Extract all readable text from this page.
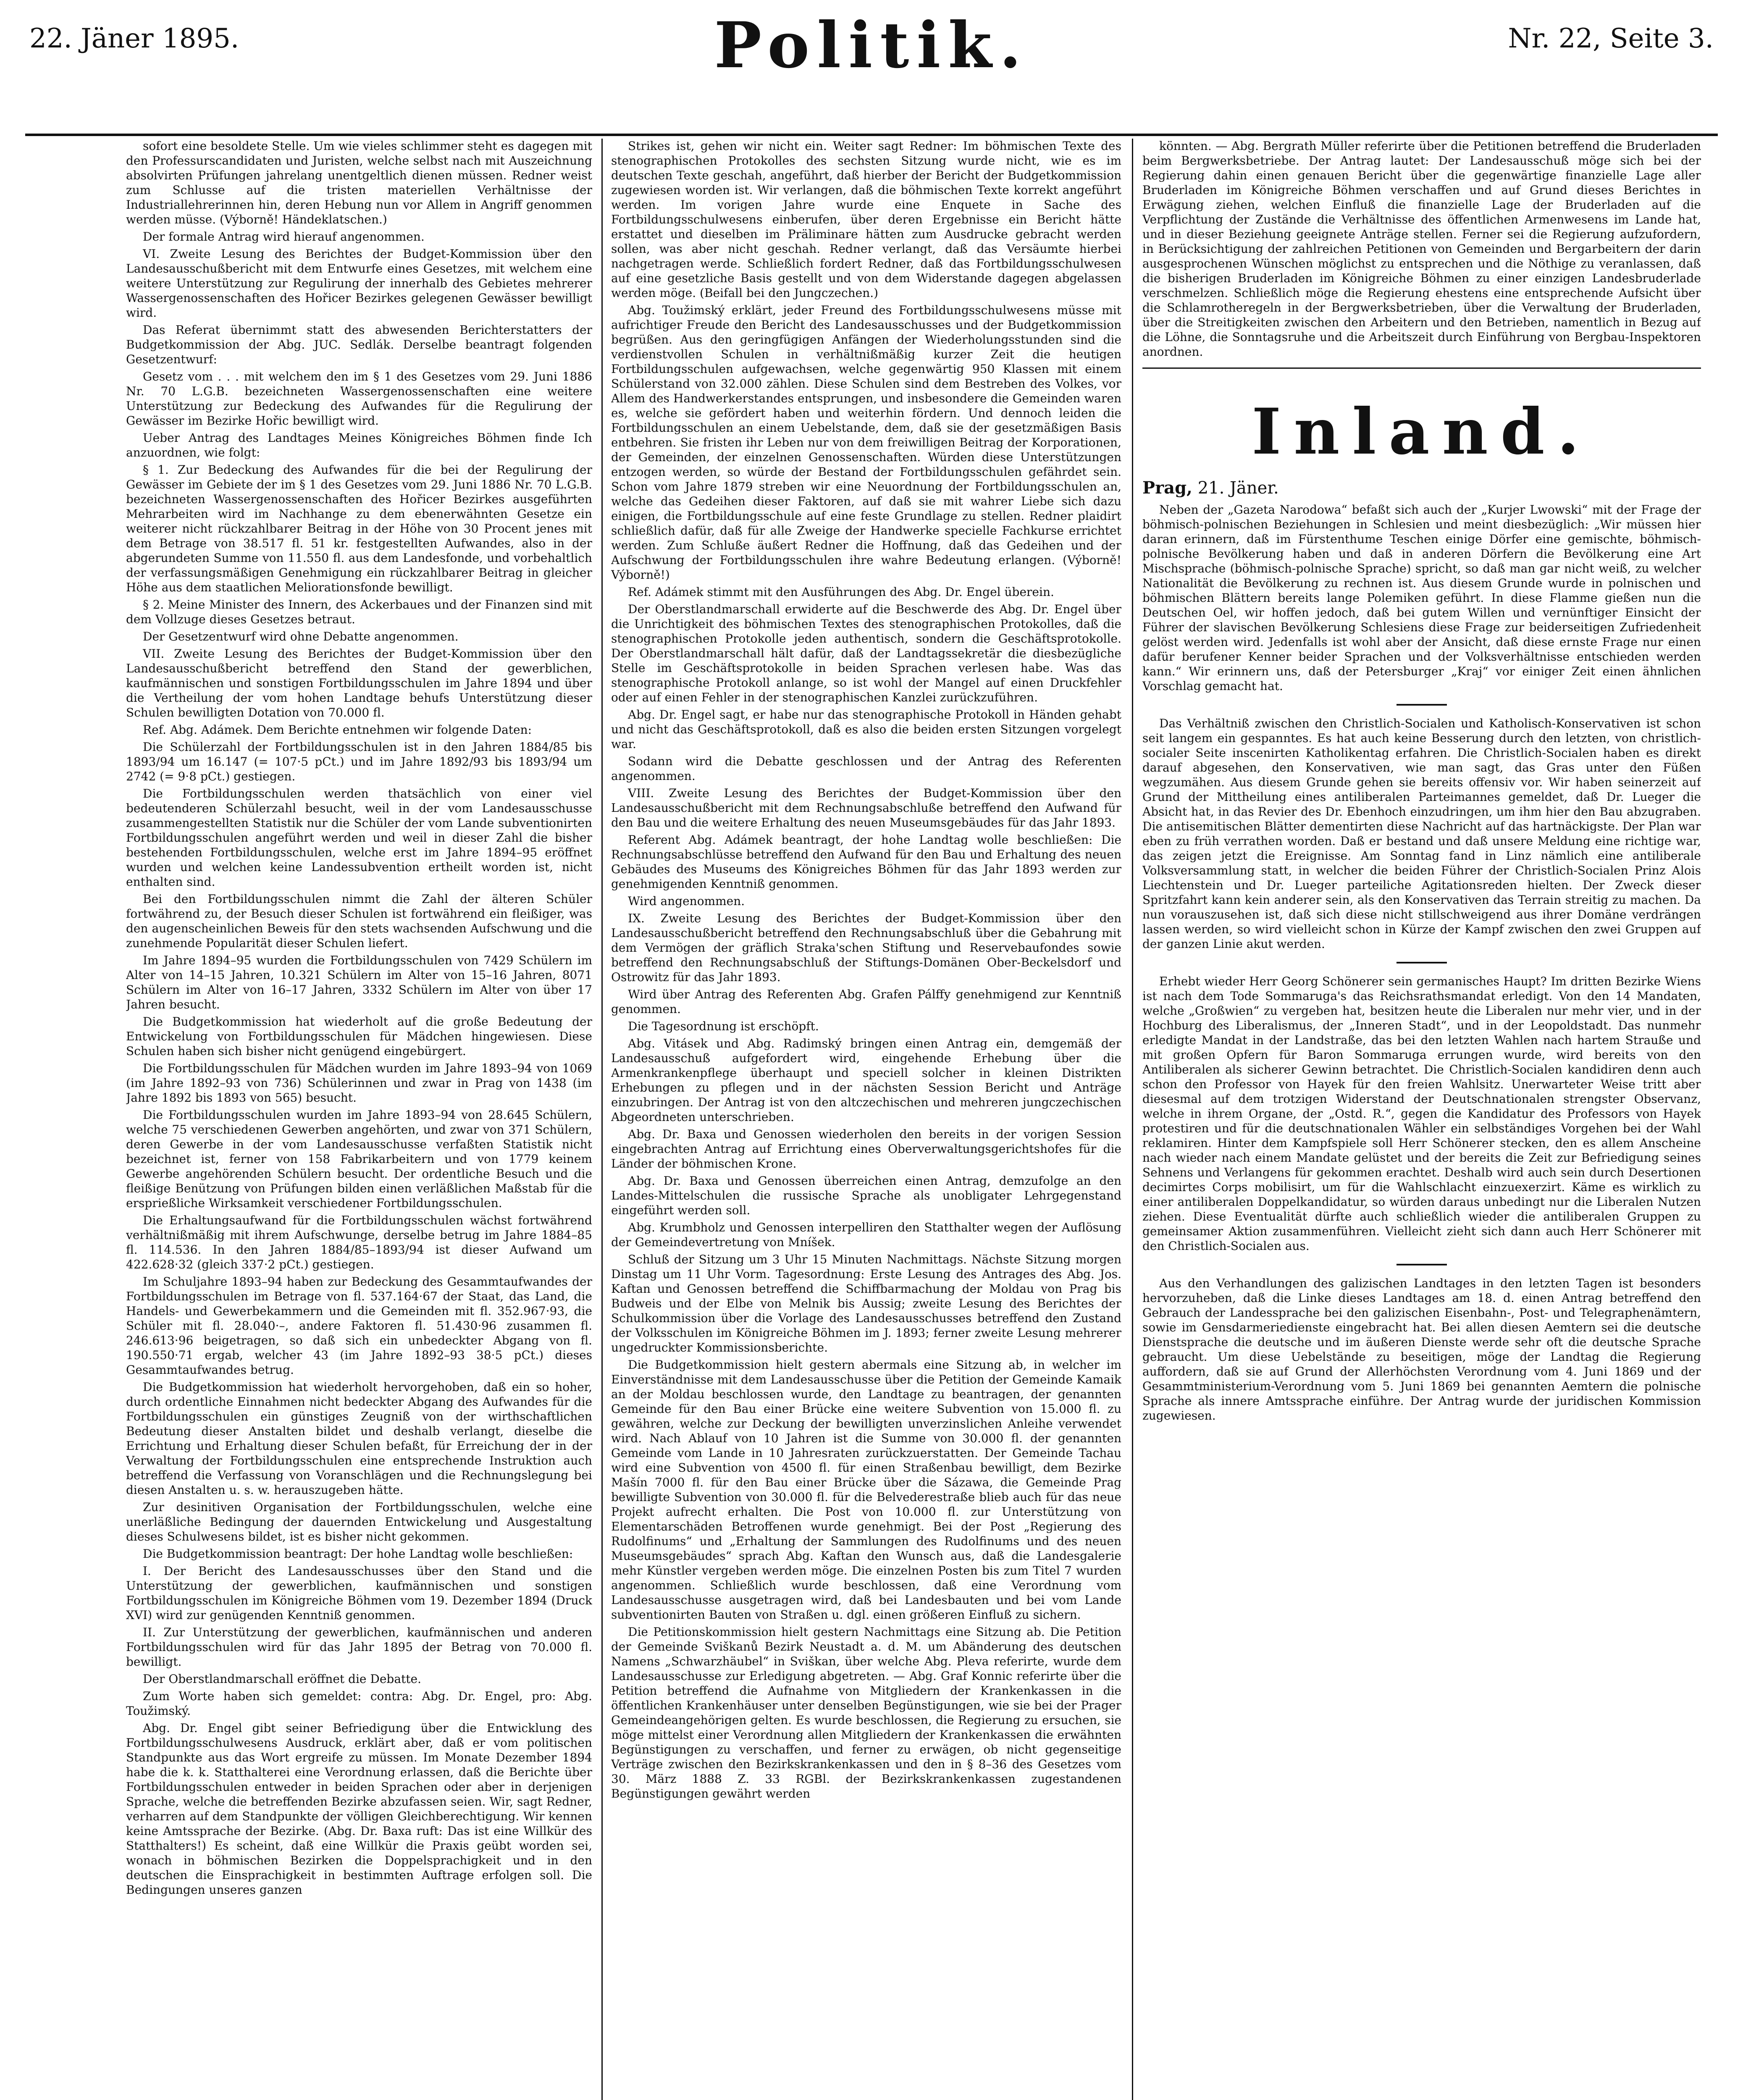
22. Jäner 1895.	Politik.	Nr. 22, Seite 3.

sofort eine besoldete Stelle. Um wie vieles schlimmer steht es dagegen mit den Professurscandidaten und Juristen, welche selbst nach mit Auszeichnung absolvirten Prüfungen jahrelang unentgeltlich dienen müssen. Redner weist zum Schlusse auf die tristen materiellen Verhältnisse der Industriallehrerinnen hin, deren Hebung nun vor Allem in Angriff genommen werden müsse. (Výborně! Händeklatschen.)

Der formale Antrag wird hierauf angenommen.

VI. Zweite Lesung des Berichtes der Budget-Kommission über den Landesausschußbericht mit dem Entwurfe eines Gesetzes, mit welchem eine weitere Unterstützung zur Regulirung der innerhalb des Gebietes mehrerer Wassergenossenschaften des Hořicer Bezirkes gelegenen Gewässer bewilligt wird.

Das Referat übernimmt statt des abwesenden Berichterstatters der Budgetkommission der Abg. JUC. Sedlák. Derselbe beantragt folgenden Gesetzentwurf:

Gesetz vom . . . mit welchem den im § 1 des Gesetzes vom 29. Juni 1886 Nr. 70 L.G.B. bezeichneten Wassergenossenschaften eine weitere Unterstützung zur Bedeckung des Aufwandes für die Regulirung der Gewässer im Bezirke Hořic bewilligt wird.

Ueber Antrag des Landtages Meines Königreiches Böhmen finde Ich anzuordnen, wie folgt:

§ 1. Zur Bedeckung des Aufwandes für die bei der Regulirung der Gewässer im Gebiete der im § 1 des Gesetzes vom 29. Juni 1886 Nr. 70 L.G.B. bezeichneten Wassergenossenschaften des Hořicer Bezirkes ausgeführten Mehrarbeiten wird im Nachhange zu dem ebenerwähnten Gesetze ein weiterer nicht rückzahlbarer Beitrag in der Höhe von 30 Procent jenes mit dem Betrage von 38.517 fl. 51 kr. festgestellten Aufwandes, also in der abgerundeten Summe von 11.550 fl. aus dem Landesfonde, und vorbehaltlich der verfassungsmäßigen Genehmigung ein rückzahlbarer Beitrag in gleicher Höhe aus dem staatlichen Meliorationsfonde bewilligt.

§ 2. Meine Minister des Innern, des Ackerbaues und der Finanzen sind mit dem Vollzuge dieses Gesetzes betraut.

Der Gesetzentwurf wird ohne Debatte angenommen.

VII. Zweite Lesung des Berichtes der Budget-Kommission über den Landesausschußbericht betreffend den Stand der gewerblichen, kaufmännischen und sonstigen Fortbildungsschulen im Jahre 1894 und über die Vertheilung der vom hohen Landtage behufs Unterstützung dieser Schulen bewilligten Dotation von 70.000 fl.

Ref. Abg. Adámek. Dem Berichte entnehmen wir folgende Daten:

Die Schülerzahl der Fortbildungsschulen ist in den Jahren 1884/85 bis 1893/94 um 16.147 (= 107·5 pCt.) und im Jahre 1892/93 bis 1893/94 um 2742 (= 9·8 pCt.) gestiegen.

Die Fortbildungsschulen werden thatsächlich von einer viel bedeutenderen Schülerzahl besucht, weil in der vom Landesausschusse zusammengestellten Statistik nur die Schüler der vom Lande subventionirten Fortbildungsschulen angeführt werden und weil in dieser Zahl die bisher bestehenden Fortbildungsschulen, welche erst im Jahre 1894–95 eröffnet wurden und welchen keine Landessubvention ertheilt worden ist, nicht enthalten sind.

Bei den Fortbildungsschulen nimmt die Zahl der älteren Schüler fortwährend zu, der Besuch dieser Schulen ist fortwährend ein fleißiger, was den augenscheinlichen Beweis für den stets wachsenden Aufschwung und die zunehmende Popularität dieser Schulen liefert.

Im Jahre 1894–95 wurden die Fortbildungsschulen von 7429 Schülern im Alter von 14–15 Jahren, 10.321 Schülern im Alter von 15–16 Jahren, 8071 Schülern im Alter von 16–17 Jahren, 3332 Schülern im Alter von über 17 Jahren besucht.

Die Budgetkommission hat wiederholt auf die große Bedeutung der Entwickelung von Fortbildungsschulen für Mädchen hingewiesen. Diese Schulen haben sich bisher nicht genügend eingebürgert.

Die Fortbildungsschulen für Mädchen wurden im Jahre 1893–94 von 1069 (im Jahre 1892–93 von 736) Schülerinnen und zwar in Prag von 1438 (im Jahre 1892 bis 1893 von 565) besucht.

Die Fortbildungsschulen wurden im Jahre 1893–94 von 28.645 Schülern, welche 75 verschiedenen Gewerben angehörten, und zwar von 371 Schülern, deren Gewerbe in der vom Landesausschusse verfaßten Statistik nicht bezeichnet ist, ferner von 158 Fabrikarbeitern und von 1779 keinem Gewerbe angehörenden Schülern besucht. Der ordentliche Besuch und die fleißige Benützung von Prüfungen bilden einen verläßlichen Maßstab für die ersprießliche Wirksamkeit verschiedener Fortbildungsschulen.

Die Erhaltungsaufwand für die Fortbildungsschulen wächst fortwährend verhältnißmäßig mit ihrem Aufschwunge, derselbe betrug im Jahre 1884–85 fl. 114.536. In den Jahren 1884/85–1893/94 ist dieser Aufwand um 422.628·32 (gleich 337·2 pCt.) gestiegen.

Im Schuljahre 1893–94 haben zur Bedeckung des Gesammtaufwandes der Fortbildungsschulen im Betrage von fl. 537.164·67 der Staat, das Land, die Handels- und Gewerbekammern und die Gemeinden mit fl. 352.967·93, die Schüler mit fl. 28.040·–, andere Faktoren fl. 51.430·96 zusammen fl. 246.613·96 beigetragen, so daß sich ein unbedeckter Abgang von fl. 190.550·71 ergab, welcher 43 (im Jahre 1892–93 38·5 pCt.) dieses Gesammtaufwandes betrug.

Die Budgetkommission hat wiederholt hervorgehoben, daß ein so hoher, durch ordentliche Einnahmen nicht bedeckter Abgang des Aufwandes für die Fortbildungsschulen ein günstiges Zeugniß von der wirthschaftlichen Bedeutung dieser Anstalten bildet und deshalb verlangt, dieselbe die Errichtung und Erhaltung dieser Schulen befaßt, für Erreichung der in der Verwaltung der Fortbildungsschulen eine entsprechende Instruktion auch betreffend die Verfassung von Voranschlägen und die Rechnungslegung bei diesen Anstalten u. s. w. herauszugeben hätte.

Zur desinitiven Organisation der Fortbildungsschulen, welche eine unerläßliche Bedingung der dauernden Entwickelung und Ausgestaltung dieses Schulwesens bildet, ist es bisher nicht gekommen.

Die Budgetkommission beantragt: Der hohe Landtag wolle beschließen:

I. Der Bericht des Landesausschusses über den Stand und die Unterstützung der gewerblichen, kaufmännischen und sonstigen Fortbildungsschulen im Königreiche Böhmen vom 19. Dezember 1894 (Druck XVI) wird zur genügenden Kenntniß genommen.

II. Zur Unterstützung der gewerblichen, kaufmännischen und anderen Fortbildungsschulen wird für das Jahr 1895 der Betrag von 70.000 fl. bewilligt.

Der Oberstlandmarschall eröffnet die Debatte.

Zum Worte haben sich gemeldet: contra: Abg. Dr. Engel, pro: Abg. Toužimský.

Abg. Dr. Engel gibt seiner Befriedigung über die Entwicklung des Fortbildungsschulwesens Ausdruck, erklärt aber, daß er vom politischen Standpunkte aus das Wort ergreife zu müssen. Im Monate Dezember 1894 habe die k. k. Statthalterei eine Verordnung erlassen, daß die Berichte über Fortbildungsschulen entweder in beiden Sprachen oder aber in derjenigen Sprache, welche die betreffenden Bezirke abzufassen seien. Wir, sagt Redner, verharren auf dem Standpunkte der völligen Gleichberechtigung. Wir kennen keine Amtssprache der Bezirke. (Abg. Dr. Baxa ruft: Das ist eine Willkür des Statthalters!) Es scheint, daß eine Willkür die Praxis geübt worden sei, wonach in böhmischen Bezirken die Doppelsprachigkeit und in den deutschen die Einsprachigkeit in bestimmten Auftrage erfolgen soll. Die Bedingungen unseres ganzen

Strikes ist, gehen wir nicht ein. Weiter sagt Redner: Im böhmischen Texte des stenographischen Protokolles des sechsten Sitzung wurde nicht, wie es im deutschen Texte geschah, angeführt, daß hierber der Bericht der Budgetkommission zugewiesen worden ist. Wir verlangen, daß die böhmischen Texte korrekt angeführt werden. Im vorigen Jahre wurde eine Enquete in Sache des Fortbildungsschulwesens einberufen, über deren Ergebnisse ein Bericht hätte erstattet und dieselben im Präliminare hätten zum Ausdrucke gebracht werden sollen, was aber nicht geschah. Redner verlangt, daß das Versäumte hierbei nachgetragen werde. Schließlich fordert Redner, daß das Fortbildungsschulwesen auf eine gesetzliche Basis gestellt und von dem Widerstande dagegen abgelassen werden möge. (Beifall bei den Jungczechen.)

Abg. Toužimský erklärt, jeder Freund des Fortbildungsschulwesens müsse mit aufrichtiger Freude den Bericht des Landesausschusses und der Budgetkommission begrüßen. Aus den geringfügigen Anfängen der Wiederholungsstunden sind die verdienstvollen Schulen in verhältnißmäßig kurzer Zeit die heutigen Fortbildungsschulen aufgewachsen, welche gegenwärtig 950 Klassen mit einem Schülerstand von 32.000 zählen. Diese Schulen sind dem Bestreben des Volkes, vor Allem des Handwerkerstandes entsprungen, und insbesondere die Gemeinden waren es, welche sie gefördert haben und weiterhin fördern. Und dennoch leiden die Fortbildungsschulen an einem Uebelstande, dem, daß sie der gesetzmäßigen Basis entbehren. Sie fristen ihr Leben nur von dem freiwilligen Beitrag der Korporationen, der Gemeinden, der einzelnen Genossenschaften. Würden diese Unterstützungen entzogen werden, so würde der Bestand der Fortbildungsschulen gefährdet sein. Schon vom Jahre 1879 streben wir eine Neuordnung der Fortbildungsschulen an, welche das Gedeihen dieser Faktoren, auf daß sie mit wahrer Liebe sich dazu einigen, die Fortbildungsschule auf eine feste Grundlage zu stellen. Redner plaidirt schließlich dafür, daß für alle Zweige der Handwerke specielle Fachkurse errichtet werden. Zum Schluße äußert Redner die Hoffnung, daß das Gedeihen und der Aufschwung der Fortbildungsschulen ihre wahre Bedeutung erlangen. (Výborně! Výborně!)

Ref. Adámek stimmt mit den Ausführungen des Abg. Dr. Engel überein.

Der Oberstlandmarschall erwiderte auf die Beschwerde des Abg. Dr. Engel über die Unrichtigkeit des böhmischen Textes des stenographischen Protokolles, daß die stenographischen Protokolle jeden authentisch, sondern die Geschäftsprotokolle. Der Oberstlandmarschall hält dafür, daß der Landtagssekretär die diesbezügliche Stelle im Geschäftsprotokolle in beiden Sprachen verlesen habe. Was das stenographische Protokoll anlange, so ist wohl der Mangel auf einen Druckfehler oder auf einen Fehler in der stenographischen Kanzlei zurückzuführen.

Abg. Dr. Engel sagt, er habe nur das stenographische Protokoll in Händen gehabt und nicht das Geschäftsprotokoll, daß es also die beiden ersten Sitzungen vorgelegt war.

Sodann wird die Debatte geschlossen und der Antrag des Referenten angenommen.

VIII. Zweite Lesung des Berichtes der Budget-Kommission über den Landesausschußbericht mit dem Rechnungsabschluße betreffend den Aufwand für den Bau und die weitere Erhaltung des neuen Museumsgebäudes für das Jahr 1893.

Referent Abg. Adámek beantragt, der hohe Landtag wolle beschließen: Die Rechnungsabschlüsse betreffend den Aufwand für den Bau und Erhaltung des neuen Gebäudes des Museums des Königreiches Böhmen für das Jahr 1893 werden zur genehmigenden Kenntniß genommen.

Wird angenommen.

IX. Zweite Lesung des Berichtes der Budget-Kommission über den Landesausschußbericht betreffend den Rechnungsabschluß über die Gebahrung mit dem Vermögen der gräflich Straka'schen Stiftung und Reservebaufondes sowie betreffend den Rechnungsabschluß der Stiftungs-Domänen Ober-Beckelsdorf und Ostrowitz für das Jahr 1893.

Wird über Antrag des Referenten Abg. Grafen Pálffy genehmigend zur Kenntniß genommen.

Die Tagesordnung ist erschöpft.

Abg. Vitásek und Abg. Radimský bringen einen Antrag ein, demgemäß der Landesausschuß aufgefordert wird, eingehende Erhebung über die Armenkrankenpflege überhaupt und speciell solcher in kleinen Distrikten Erhebungen zu pflegen und in der nächsten Session Bericht und Anträge einzubringen. Der Antrag ist von den altczechischen und mehreren jungczechischen Abgeordneten unterschrieben.

Abg. Dr. Baxa und Genossen wiederholen den bereits in der vorigen Session eingebrachten Antrag auf Errichtung eines Oberverwaltungsgerichtshofes für die Länder der böhmischen Krone.

Abg. Dr. Baxa und Genossen überreichen einen Antrag, demzufolge an den Landes-Mittelschulen die russische Sprache als unobligater Lehrgegenstand eingeführt werden soll.

Abg. Krumbholz und Genossen interpelliren den Statthalter wegen der Auflösung der Gemeindevertretung von Mníšek.

Schluß der Sitzung um 3 Uhr 15 Minuten Nachmittags. Nächste Sitzung morgen Dinstag um 11 Uhr Vorm. Tagesordnung: Erste Lesung des Antrages des Abg. Jos. Kaftan und Genossen betreffend die Schiffbarmachung der Moldau von Prag bis Budweis und der Elbe von Melnik bis Aussig; zweite Lesung des Berichtes der Schulkommission über die Vorlage des Landesausschusses betreffend den Zustand der Volksschulen im Königreiche Böhmen im J. 1893; ferner zweite Lesung mehrerer ungedruckter Kommissionsberichte.

Die Budgetkommission hielt gestern abermals eine Sitzung ab, in welcher im Einverständnisse mit dem Landesausschusse über die Petition der Gemeinde Kamaik an der Moldau beschlossen wurde, den Landtage zu beantragen, der genannten Gemeinde für den Bau einer Brücke eine weitere Subvention von 15.000 fl. zu gewähren, welche zur Deckung der bewilligten unverzinslichen Anleihe verwendet wird. Nach Ablauf von 10 Jahren ist die Summe von 30.000 fl. der genannten Gemeinde vom Lande in 10 Jahresraten zurückzuerstatten. Der Gemeinde Tachau wird eine Subvention von 4500 fl. für einen Straßenbau bewilligt, dem Bezirke Mašín 7000 fl. für den Bau einer Brücke über die Sázawa, die Gemeinde Prag bewilligte Subvention von 30.000 fl. für die Belvederestraße blieb auch für das neue Projekt aufrecht erhalten. Die Post von 10.000 fl. zur Unterstützung von Elementarschäden Betroffenen wurde genehmigt. Bei der Post „Regierung des Rudolfinums“ und „Erhaltung der Sammlungen des Rudolfinums und des neuen Museumsgebäudes“ sprach Abg. Kaftan den Wunsch aus, daß die Landesgalerie mehr Künstler vergeben werden möge. Die einzelnen Posten bis zum Titel 7 wurden angenommen. Schließlich wurde beschlossen, daß eine Verordnung vom Landesausschusse ausgetragen wird, daß bei Landesbauten und bei vom Lande subventionirten Bauten von Straßen u. dgl. einen größeren Einfluß zu sichern.

Die Petitionskommission hielt gestern Nachmittags eine Sitzung ab. Die Petition der Gemeinde Sviškanů Bezirk Neustadt a. d. M. um Abänderung des deutschen Namens „Schwarzhäubel“ in Sviškan, über welche Abg. Pleva referirte, wurde dem Landesausschusse zur Erledigung abgetreten. — Abg. Graf Konnic referirte über die Petition betreffend die Aufnahme von Mitgliedern der Krankenkassen in die öffentlichen Krankenhäuser unter denselben Begünstigungen, wie sie bei der Prager Gemeindeangehörigen gelten. Es wurde beschlossen, die Regierung zu ersuchen, sie möge mittelst einer Verordnung allen Mitgliedern der Krankenkassen die erwähnten Begünstigungen zu verschaffen, und ferner zu erwägen, ob nicht gegenseitige Verträge zwischen den Bezirkskrankenkassen und den in § 8–36 des Gesetzes vom 30. März 1888 Z. 33 RGBl. der Bezirkskrankenkassen zugestandenen Begünstigungen gewährt werden

könnten. — Abg. Bergrath Müller referirte über die Petitionen betreffend die Bruderladen beim Bergwerksbetriebe. Der Antrag lautet: Der Landesausschuß möge sich bei der Regierung dahin einen genauen Bericht über die gegenwärtige finanzielle Lage aller Bruderladen im Königreiche Böhmen verschaffen und auf Grund dieses Berichtes in Erwägung ziehen, welchen Einfluß die finanzielle Lage der Bruderladen auf die Verpflichtung der Zustände die Verhältnisse des öffentlichen Armenwesens im Lande hat, und in dieser Beziehung geeignete Anträge stellen. Ferner sei die Regierung aufzufordern, in Berücksichtigung der zahlreichen Petitionen von Gemeinden und Bergarbeitern der darin ausgesprochenen Wünschen möglichst zu entsprechen und die Nöthige zu veranlassen, daß die bisherigen Bruderladen im Königreiche Böhmen zu einer einzigen Landesbruderlade verschmelzen. Schließlich möge die Regierung ehestens eine entsprechende Aufsicht über die Schlamrotheregeln in der Bergwerksbetrieben, über die Verwaltung der Bruderladen, über die Streitigkeiten zwischen den Arbeitern und den Betrieben, namentlich in Bezug auf die Löhne, die Sonntagsruhe und die Arbeitszeit durch Einführung von Bergbau-Inspektoren anordnen.

Inland.
Prag, 21. Jäner.

Neben der „Gazeta Narodowa“ befaßt sich auch der „Kurjer Lwowski“ mit der Frage der böhmisch-polnischen Beziehungen in Schlesien und meint diesbezüglich: „Wir müssen hier daran erinnern, daß im Fürstenthume Teschen einige Dörfer eine gemischte, böhmisch-polnische Bevölkerung haben und daß in anderen Dörfern die Bevölkerung eine Art Mischsprache (böhmisch-polnische Sprache) spricht, so daß man gar nicht weiß, zu welcher Nationalität die Bevölkerung zu rechnen ist. Aus diesem Grunde wurde in polnischen und böhmischen Blättern bereits lange Polemiken geführt. In diese Flamme gießen nun die Deutschen Oel, wir hoffen jedoch, daß bei gutem Willen und vernünftiger Einsicht der Führer der slavischen Bevölkerung Schlesiens diese Frage zur beiderseitigen Zufriedenheit gelöst werden wird. Jedenfalls ist wohl aber der Ansicht, daß diese ernste Frage nur einen dafür berufener Kenner beider Sprachen und der Volksverhältnisse entschieden werden kann.“ Wir erinnern uns, daß der Petersburger „Kraj“ vor einiger Zeit einen ähnlichen Vorschlag gemacht hat.

Das Verhältniß zwischen den Christlich-Socialen und Katholisch-Konservativen ist schon seit langem ein gespanntes. Es hat auch keine Besserung durch den letzten, von christlich-socialer Seite inscenirten Katholikentag erfahren. Die Christlich-Socialen haben es direkt darauf abgesehen, den Konservativen, wie man sagt, das Gras unter den Füßen wegzumähen. Aus diesem Grunde gehen sie bereits offensiv vor. Wir haben seinerzeit auf Grund der Mittheilung eines antiliberalen Parteimannes gemeldet, daß Dr. Lueger die Absicht hat, in das Revier des Dr. Ebenhoch einzudringen, um ihm hier den Bau abzugraben. Die antisemitischen Blätter dementirten diese Nachricht auf das hartnäckigste. Der Plan war eben zu früh verrathen worden. Daß er bestand und daß unsere Meldung eine richtige war, das zeigen jetzt die Ereignisse. Am Sonntag fand in Linz nämlich eine antiliberale Volksversammlung statt, in welcher die beiden Führer der Christlich-Socialen Prinz Alois Liechtenstein und Dr. Lueger parteiliche Agitationsreden hielten. Der Zweck dieser Spritzfahrt kann kein anderer sein, als den Konservativen das Terrain streitig zu machen. Da nun vorauszusehen ist, daß sich diese nicht stillschweigend aus ihrer Domäne verdrängen lassen werden, so wird vielleicht schon in Kürze der Kampf zwischen den zwei Gruppen auf der ganzen Linie akut werden.

Erhebt wieder Herr Georg Schönerer sein germanisches Haupt? Im dritten Bezirke Wiens ist nach dem Tode Sommaruga's das Reichsrathsmandat erledigt. Von den 14 Mandaten, welche „Großwien“ zu vergeben hat, besitzen heute die Liberalen nur mehr vier, und in der Hochburg des Liberalismus, der „Inneren Stadt“, und in der Leopoldstadt. Das nunmehr erledigte Mandat in der Landstraße, das bei den letzten Wahlen nach hartem Strauße und mit großen Opfern für Baron Sommaruga errungen wurde, wird bereits von den Antiliberalen als sicherer Gewinn betrachtet. Die Christlich-Socialen kandidiren denn auch schon den Professor von Hayek für den freien Wahlsitz. Unerwarteter Weise tritt aber diesesmal auf dem trotzigen Widerstand der Deutschnationalen strengster Observanz, welche in ihrem Organe, der „Ostd. R.“, gegen die Kandidatur des Professors von Hayek protestiren und für die deutschnationalen Wähler ein selbständiges Vorgehen bei der Wahl reklamiren. Hinter dem Kampfspiele soll Herr Schönerer stecken, den es allem Anscheine nach wieder nach einem Mandate gelüstet und der bereits die Zeit zur Befriedigung seines Sehnens und Verlangens für gekommen erachtet. Deshalb wird auch sein durch Desertionen decimirtes Corps mobilisirt, um für die Wahlschlacht einzuexerzirt. Käme es wirklich zu einer antiliberalen Doppelkandidatur, so würden daraus unbedingt nur die Liberalen Nutzen ziehen. Diese Eventualität dürfte auch schließlich wieder die antiliberalen Gruppen zu gemeinsamer Aktion zusammenführen. Vielleicht zieht sich dann auch Herr Schönerer mit den Christlich-Socialen aus.

Aus den Verhandlungen des galizischen Landtages in den letzten Tagen ist besonders hervorzuheben, daß die Linke dieses Landtages am 18. d. einen Antrag betreffend den Gebrauch der Landessprache bei den galizischen Eisenbahn-, Post- und Telegraphenämtern, sowie im Gensdarmeriedienste eingebracht hat. Bei allen diesen Aemtern sei die deutsche Dienstsprache die deutsche und im äußeren Dienste werde sehr oft die deutsche Sprache gebraucht. Um diese Uebelstände zu beseitigen, möge der Landtag die Regierung auffordern, daß sie auf Grund der Allerhöchsten Verordnung vom 4. Juni 1869 und der Gesammtministerium-Verordnung vom 5. Juni 1869 bei genannten Aemtern die polnische Sprache als innere Amtssprache einführe. Der Antrag wurde der juridischen Kommission zugewiesen.
